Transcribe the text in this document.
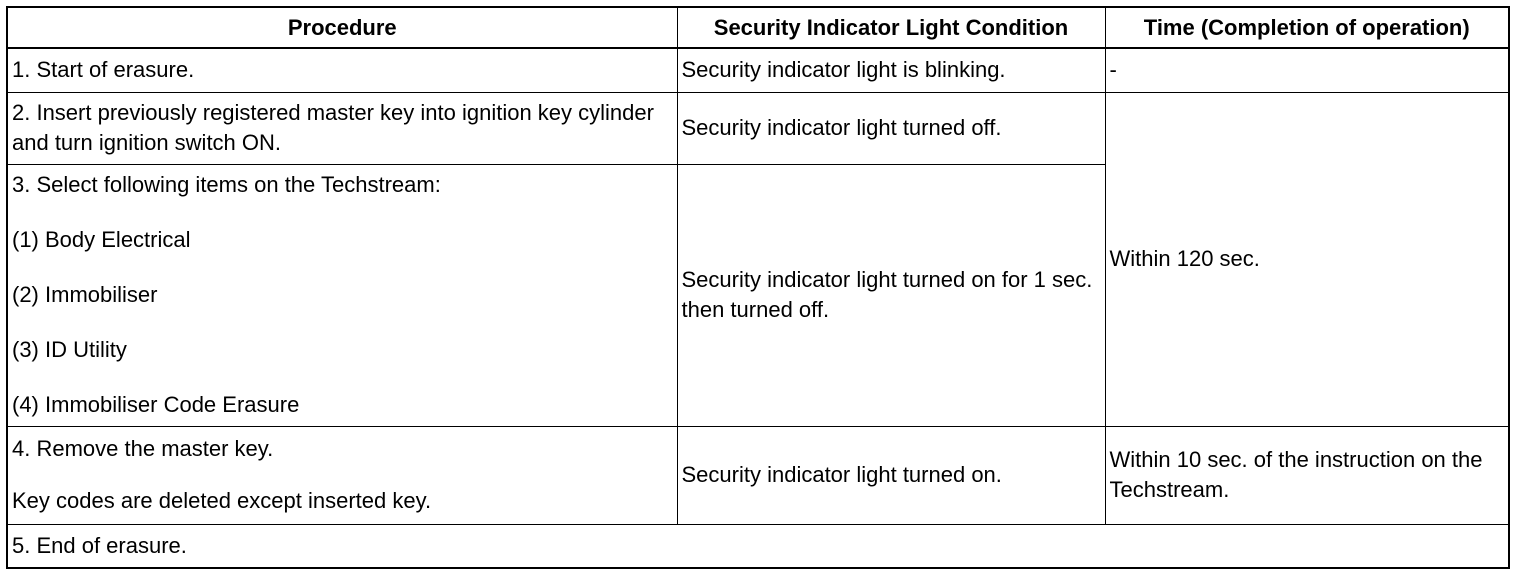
Procedure	Security Indicator Light Condition	Time (Completion of operation)
1. Start of erasure.	Security indicator light is blinking.	-
2. Insert previously registered master key into ignition key cylinder and turn ignition switch ON.	Security indicator light turned off.	Within 120 sec.

3. Select following items on the Techstream:

(1) Body Electrical

(2) Immobiliser

(3) ID Utility

(4) Immobiliser Code Erasure	Security indicator light turned on for 1 sec. then turned off.	

4. Remove the master key.

Key codes are deleted except inserted key.	Security indicator light turned on.	Within 10 sec. of the instruction on the Techstream.
5. End of erasure.		
